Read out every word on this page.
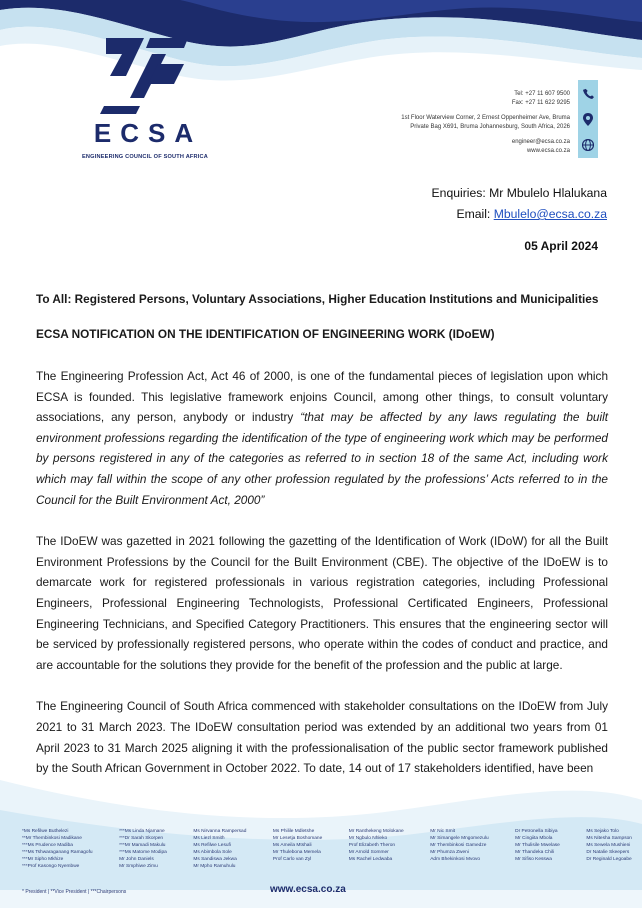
ECSA
ENGINEERING COUNCIL OF SOUTH AFRICA
Tel: +27 11 607 9500
Fax: +27 11 622 9295
1st Floor Waterview Corner, 2 Ernest Oppenheimer Ave, Bruma
Private Bag X691, Bruma Johannesburg, South Africa, 2026
engineer@ecsa.co.za
www.ecsa.co.za
Enquiries: Mr Mbulelo Hlalukana
Email: Mbulelo@ecsa.co.za
05 April 2024
To All: Registered Persons, Voluntary Associations, Higher Education Institutions and Municipalities
ECSA NOTIFICATION ON THE IDENTIFICATION OF ENGINEERING WORK (IDoEW)

The Engineering Profession Act, Act 46 of 2000, is one of the fundamental pieces of legislation upon which ECSA is founded. This legislative framework enjoins Council, among other things, to consult voluntary associations, any person, anybody or industry “that may be affected by any laws regulating the built environment professions regarding the identification of the type of engineering work which may be performed by persons registered in any of the categories as referred to in section 18 of the same Act, including work which may fall within the scope of any other profession regulated by the professions’ Acts referred to in the Council for the Built Environment Act, 2000”

The IDoEW was gazetted in 2021 following the gazetting of the Identification of Work (IDoW) for all the Built Environment Professions by the Council for the Built Environment (CBE). The objective of the IDoEW is to demarcate work for registered professionals in various registration categories, including Professional Engineers, Professional Engineering Technologists, Professional Certificated Engineers, Professional Engineering Technicians, and Specified Category Practitioners. This ensures that the engineering sector will be serviced by professionally registered persons, who operate within the codes of conduct and practice, and are accountable for the solutions they provide for the benefit of the profession and the public at large.

The Engineering Council of South Africa commenced with stakeholder consultations on the IDoEW from July 2021 to 31 March 2023. The IDoEW consultation period was extended by an additional two years from 01 April 2023 to 31 March 2025 aligning it with the professionalisation of the public sector framework published by the South African Government in October 2022. To date, 14 out of 17 stakeholders identified, have been

*Ms Refilwe Buthelezi
**Mr Thembinkosi Madikane
***Ms Prudence Madiba
***Ms Tshwaraganang Ramagofu
***Mr Sipho Mkhize
***Prof Kasongo Nyembwe
***Ms Linda Njamane
***Dr Sarah Skorpen
***Mr Mamadi Makulu
***Ms Matome Modipa
Mr John Daniels
Mr Smphiwe Zimu
Ms Nirvanna Rampersad
Ms Liezl Smith
Ms Refilwe Lesufi
Ms Abimbola Sole
Ms Sandiswa Jekwa
Mr Mpho Ramuhulu
Ms Philile Mdletshe
Mr Lesetja Boshomane
Ms Ameila Mtshali
Mr Thulebona Memela
Prof Carlo van Zyl
Mr Ranthekeng Molokane
Mr Ngbulo Nhleko
Prof Elizabeth Theron
Mr Arnold Sommer
Ms Rachel Ledwaba
Mr Nic Smit
Mr Simangele Mngomezulu
Mr Thembinkosi Gamedze
Mr Phumza Zweni
Adm Bhekinkosi Mvovo
Dr Petronella Sibiya
Mr Cingiita Mbola
Mr Thulisile Mwelase
Mr Thandeka Chili
Mr Sifiso Kesswa
Ms Sejako Tolo
Ms Nitesha Sampson
Ms Sewela Mushieni
Dr Natalie Skeepers
Dr Reginald Legoabe
* President | **Vice President | ***Chairpersons	www.ecsa.co.za
